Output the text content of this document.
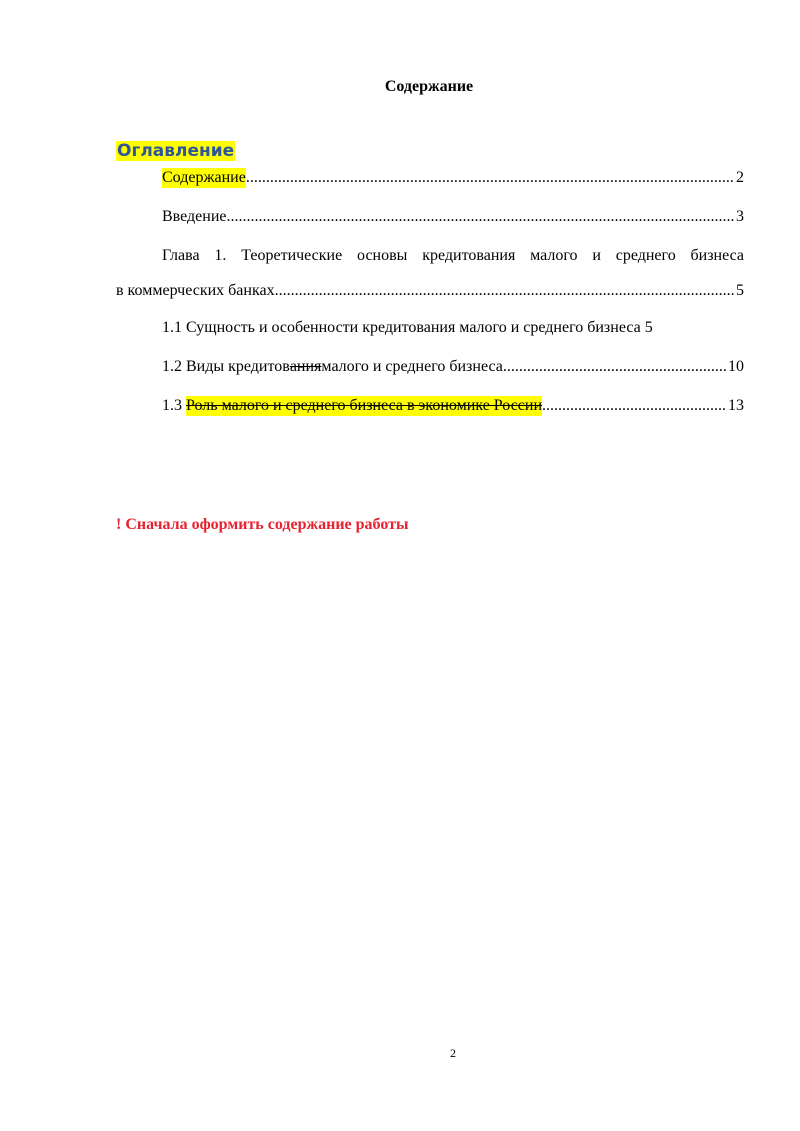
Содержание
Оглавление
Содержание .....	2
Введение .....	3
Глава 1. Теоретические основы кредитования малого и среднего бизнеса
в коммерческих банках .....	5
1.1 Сущность и особенности кредитования малого и среднего бизнеса 5
1.2 Виды кредитов ания малого и среднего бизнеса .....	10
1.3 Роль малого и среднего бизнеса в экономике России .....	13
! Сначала оформить содержание работы
2
